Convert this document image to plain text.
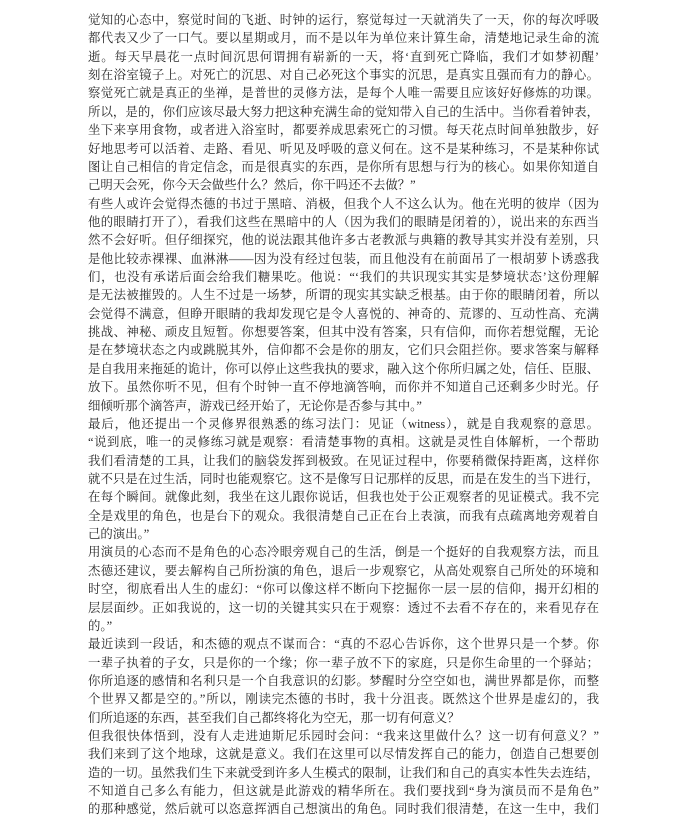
觉知的心态中，察觉时间的飞逝、时钟的运行，察觉每过一天就消失了一天，你的每次呼吸
都代表又少了一口气。要以星期或月，而不是以年为单位来计算生命，清楚地记录生命的流
逝。每天早晨花一点时间沉思何谓拥有崭新的一天，将‘直到死亡降临，我们才如梦初醒’
刻在浴室镜子上。对死亡的沉思、对自己必死这个事实的沉思，是真实且强而有力的静心。
察觉死亡就是真正的坐禅，是普世的灵修方法，是每个人唯一需要且应该好好修炼的功课。
所以，是的，你们应该尽最大努力把这种充满生命的觉知带入自己的生活中。当你看着钟表，
坐下来享用食物，或者进入浴室时，都要养成思索死亡的习惯。每天花点时间单独散步，好
好地思考可以活着、走路、看见、听见及呼吸的意义何在。这不是某种练习，不是某种你试
图让自己相信的肯定信念，而是很真实的东西，是你所有思想与行为的核心。如果你知道自
己明天会死，你今天会做些什么？然后，你干吗还不去做？”
有些人或许会觉得杰德的书过于黑暗、消极，但我个人不这么认为。他在光明的彼岸（因为
他的眼睛打开了），看我们这些在黑暗中的人（因为我们的眼睛是闭着的），说出来的东西当
然不会好听。但仔细探究，他的说法跟其他许多古老教派与典籍的教导其实并没有差别，只
是他比较赤裸裸、血淋淋——因为没有经过包装，而且他没有在前面吊了一根胡萝卜诱惑我
们，也没有承诺后面会给我们糖果吃。他说：“‘我们的共识现实其实是梦境状态’这份理解
是无法被摧毁的。人生不过是一场梦，所谓的现实其实缺乏根基。由于你的眼睛闭着，所以
会觉得不满意，但睁开眼睛的我却发现它是令人喜悦的、神奇的、荒谬的、互动性高、充满
挑战、神秘、顽皮且短暂。你想要答案，但其中没有答案，只有信仰，而你若想觉醒，无论
是在梦境状态之内或跳脱其外，信仰都不会是你的朋友，它们只会阻拦你。要求答案与解释
是自我用来拖延的诡计，你可以停止这些我执的要求，融入这个你所归属之处，信任、臣服、
放下。虽然你听不见，但有个时钟一直不停地滴答响，而你并不知道自己还剩多少时光。仔
细倾听那个滴答声，游戏已经开始了，无论你是否参与其中。”
最后，他还提出一个灵修界很熟悉的练习法门：见证（witness），就是自我观察的意思。
“说到底，唯一的灵修练习就是观察：看清楚事物的真相。这就是灵性自体解析，一个帮助
我们看清楚的工具，让我们的脑袋发挥到极致。在见证过程中，你要稍微保持距离，这样你
就不只是在过生活，同时也能观察它。这不是像写日记那样的反思，而是在发生的当下进行，
在每个瞬间。就像此刻，我坐在这儿跟你说话，但我也处于公正观察者的见证模式。我不完
全是戏里的角色，也是台下的观众。我很清楚自己正在台上表演，而我有点疏离地旁观着自
己的演出。”
用演员的心态而不是角色的心态冷眼旁观自己的生活，倒是一个挺好的自我观察方法，而且
杰德还建议，要去解构自己所扮演的角色，退后一步观察它，从高处观察自己所处的环境和
时空，彻底看出人生的虚幻：“你可以像这样不断向下挖掘你一层一层的信仰，揭开幻相的
层层面纱。正如我说的，这一切的关键其实只在于观察：透过不去看不存在的，来看见存在
的。”
最近读到一段话，和杰德的观点不谋而合：“真的不忍心告诉你，这个世界只是一个梦。你
一辈子执着的子女，只是你的一个缘；你一辈子放不下的家庭，只是你生命里的一个驿站；
你所追逐的感情和名利只是一个自我意识的幻影。梦醒时分空空如也，满世界都是你，而整
个世界又都是空的。”所以，刚读完杰德的书时，我十分沮丧。既然这个世界是虚幻的，我
们所追逐的东西，甚至我们自己都终将化为空无，那一切有何意义？
但我很快体悟到，没有人走进迪斯尼乐园时会问：“我来这里做什么？这一切有何意义？”
我们来到了这个地球，这就是意义。我们在这里可以尽情发挥自己的能力，创造自己想要创
造的一切。虽然我们生下来就受到许多人生模式的限制，让我们和自己的真实本性失去连结，
不知道自己多么有能力，但这就是此游戏的精华所在。我们要找到“身为演员而不是角色”
的那种感觉，然后就可以恣意挥洒自己想演出的角色。同时我们很清楚，在这一生中，我们
